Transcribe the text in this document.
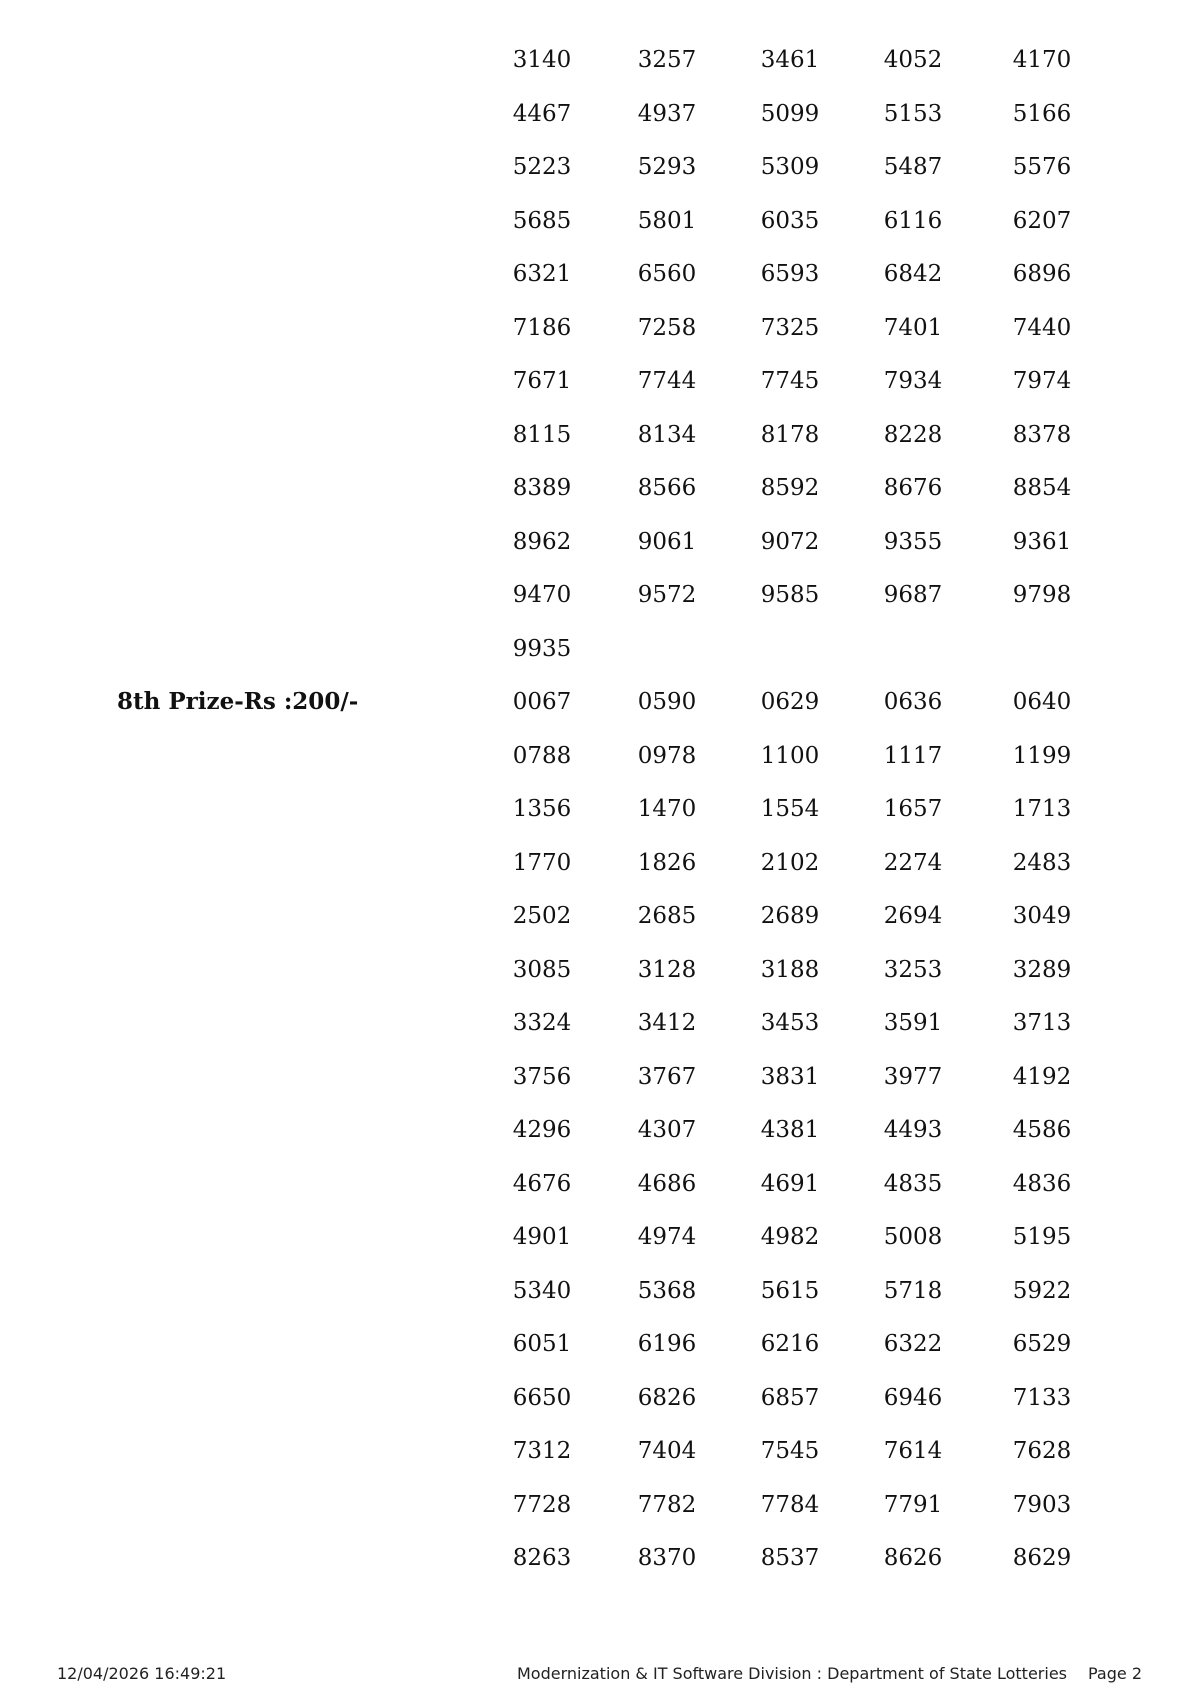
3140	3257	3461	4052	4170
4467	4937	5099	5153	5166
5223	5293	5309	5487	5576
5685	5801	6035	6116	6207
6321	6560	6593	6842	6896
7186	7258	7325	7401	7440
7671	7744	7745	7934	7974
8115	8134	8178	8228	8378
8389	8566	8592	8676	8854
8962	9061	9072	9355	9361
9470	9572	9585	9687	9798
9935
8th Prize-Rs :200/-	0067	0590	0629	0636	0640
0788	0978	1100	1117	1199
1356	1470	1554	1657	1713
1770	1826	2102	2274	2483
2502	2685	2689	2694	3049
3085	3128	3188	3253	3289
3324	3412	3453	3591	3713
3756	3767	3831	3977	4192
4296	4307	4381	4493	4586
4676	4686	4691	4835	4836
4901	4974	4982	5008	5195
5340	5368	5615	5718	5922
6051	6196	6216	6322	6529
6650	6826	6857	6946	7133
7312	7404	7545	7614	7628
7728	7782	7784	7791	7903
8263	8370	8537	8626	8629
12/04/2026 16:49:21	Modernization & IT Software Division : Department of State Lotteries Page 2
